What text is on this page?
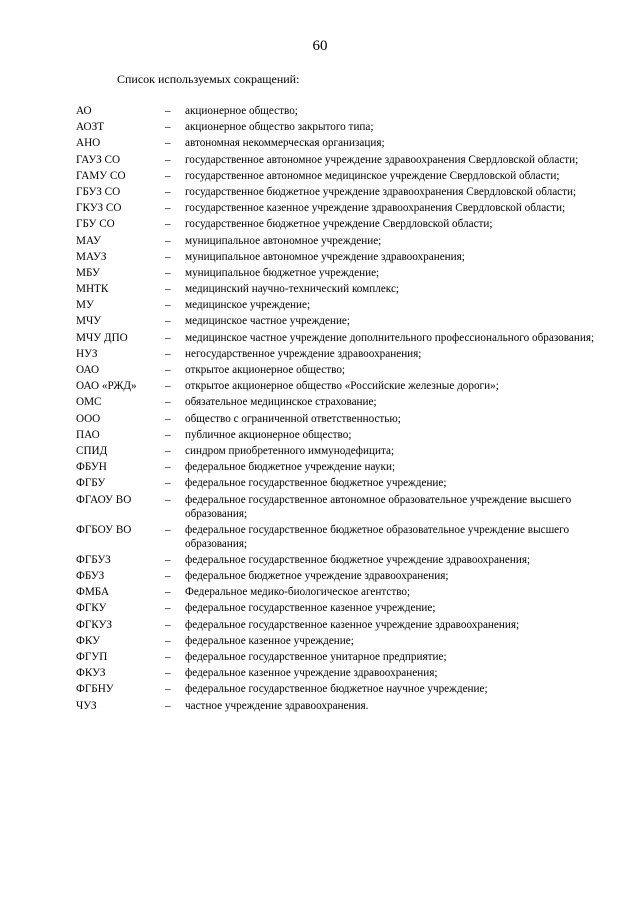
60
Список используемых сокращений:
АО	– акционерное общество;
АОЗТ	– акционерное общество закрытого типа;
АНО	– автономная некоммерческая организация;
ГАУЗ СО	– государственное автономное учреждение здравоохранения Свердловской области;
ГАМУ СО	– государственное автономное медицинское учреждение Свердловской области;
ГБУЗ СО	– государственное бюджетное учреждение здравоохранения Свердловской области;
ГКУЗ СО	– государственное казенное учреждение здравоохранения Свердловской области;
ГБУ СО	– государственное бюджетное учреждение Свердловской области;
МАУ	– муниципальное автономное учреждение;
МАУЗ	– муниципальное автономное учреждение здравоохранения;
МБУ	– муниципальное бюджетное учреждение;
МНТК	– медицинский научно-технический комплекс;
МУ	– медицинское учреждение;
МЧУ	– медицинское частное учреждение;
МЧУ ДПО	– медицинское частное учреждение дополнительного профессионального образования;
НУЗ	– негосударственное учреждение здравоохранения;
ОАО	– открытое акционерное общество;
ОАО «РЖД»	– открытое акционерное общество «Российские железные дороги»;
ОМС	– обязательное медицинское страхование;
ООО	– общество с ограниченной ответственностью;
ПАО	– публичное акционерное общество;
СПИД	– синдром приобретенного иммунодефицита;
ФБУН	– федеральное бюджетное учреждение науки;
ФГБУ	– федеральное государственное бюджетное учреждение;
ФГАОУ ВО	– федеральное государственное автономное образовательное учреждение высшего образования;
ФГБОУ ВО	– федеральное государственное бюджетное образовательное учреждение высшего образования;
ФГБУЗ	– федеральное государственное бюджетное учреждение здравоохранения;
ФБУЗ	– федеральное бюджетное учреждение здравоохранения;
ФМБА	– Федеральное медико-биологическое агентство;
ФГКУ	– федеральное государственное казенное учреждение;
ФГКУЗ	– федеральное государственное казенное учреждение здравоохранения;
ФКУ	– федеральное казенное учреждение;
ФГУП	– федеральное государственное унитарное предприятие;
ФКУЗ	– федеральное казенное учреждение здравоохранения;
ФГБНУ	– федеральное государственное бюджетное научное учреждение;
ЧУЗ	– частное учреждение здравоохранения.
